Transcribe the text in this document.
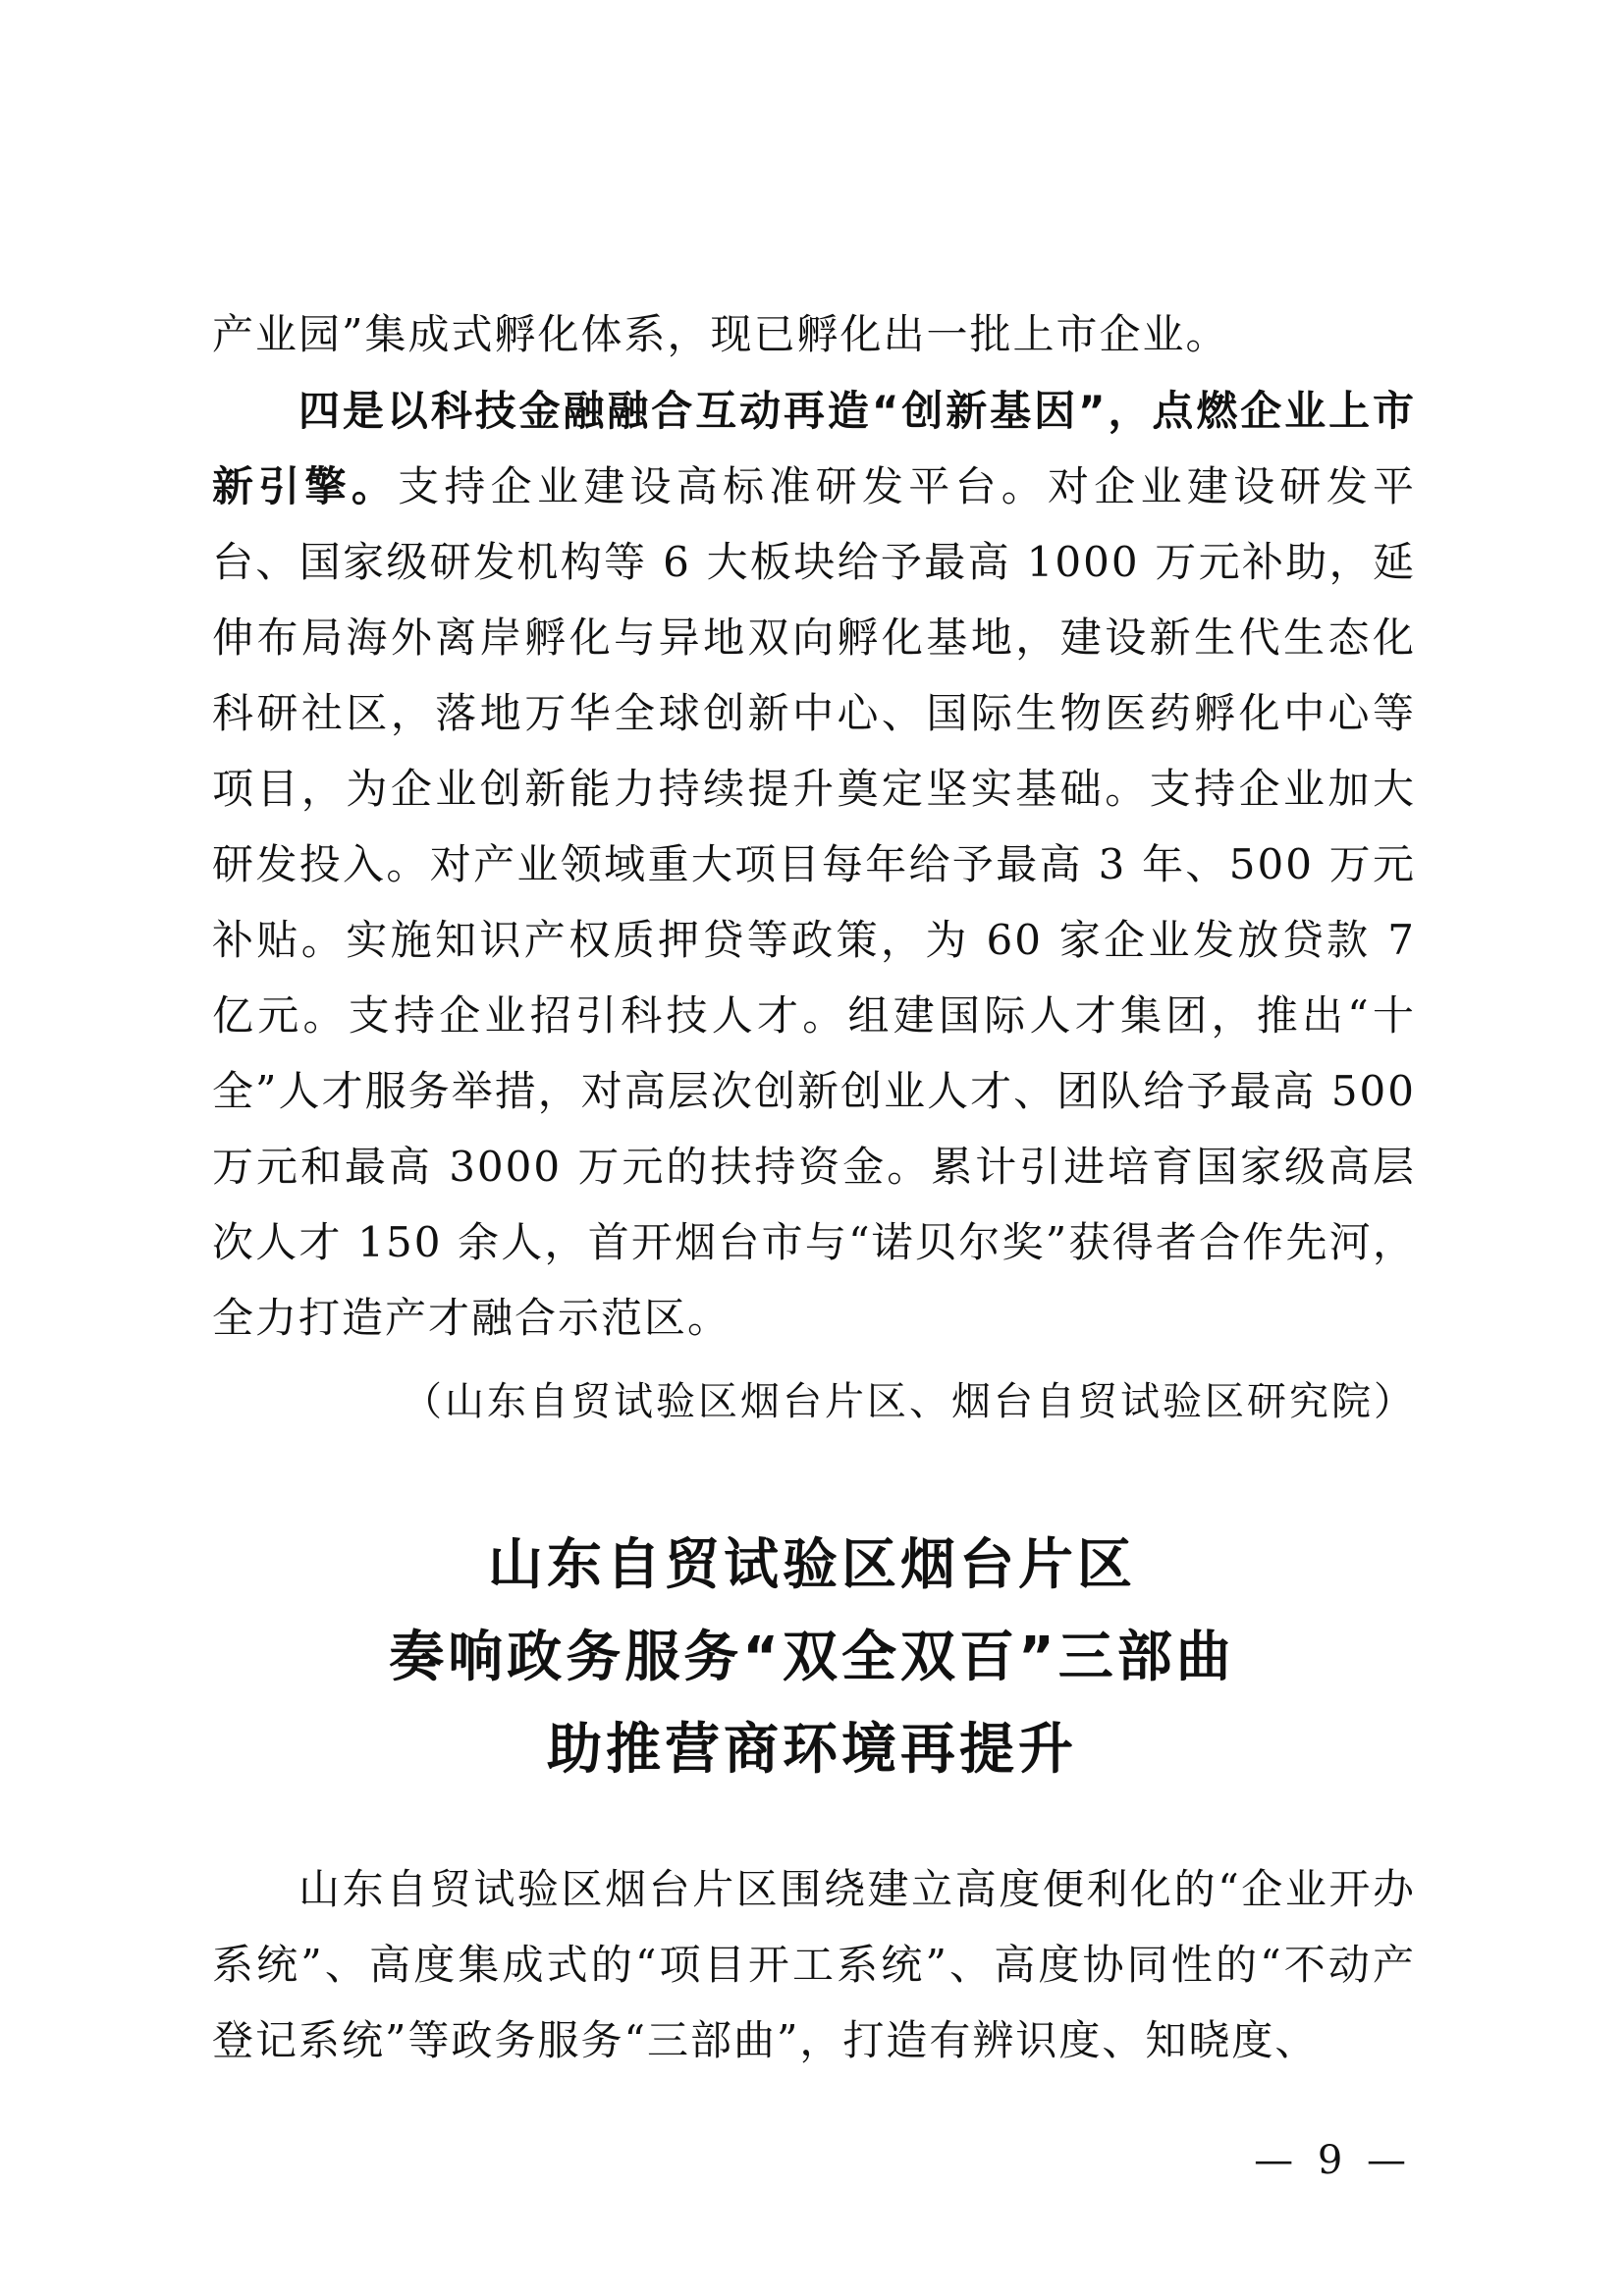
产业园”集成式孵化体系，现已孵化出一批上市企业。

四是以科技金融融合互动再造“创新基因”，点燃企业上市新引擎。支持企业建设高标准研发平台。对企业建设研发平台、国家级研发机构等 6 大板块给予最高 1000 万元补助，延伸布局海外离岸孵化与异地双向孵化基地，建设新生代生态化科研社区，落地万华全球创新中心、国际生物医药孵化中心等项目，为企业创新能力持续提升奠定坚实基础。支持企业加大研发投入。对产业领域重大项目每年给予最高 3 年、500 万元补贴。实施知识产权质押贷等政策，为 60 家企业发放贷款 7 亿元。支持企业招引科技人才。组建国际人才集团，推出“十全”人才服务举措，对高层次创新创业人才、团队给予最高 500 万元和最高 3000 万元的扶持资金。累计引进培育国家级高层次人才 150 余人，首开烟台市与“诺贝尔奖”获得者合作先河，全力打造产才融合示范区。

（山东自贸试验区烟台片区、烟台自贸试验区研究院）

山东自贸试验区烟台片区
奏响政务服务“双全双百”三部曲
助推营商环境再提升

山东自贸试验区烟台片区围绕建立高度便利化的“企业开办系统”、高度集成式的“项目开工系统”、高度协同性的“不动产登记系统”等政务服务“三部曲”，打造有辨识度、知晓度、

— 9 —
